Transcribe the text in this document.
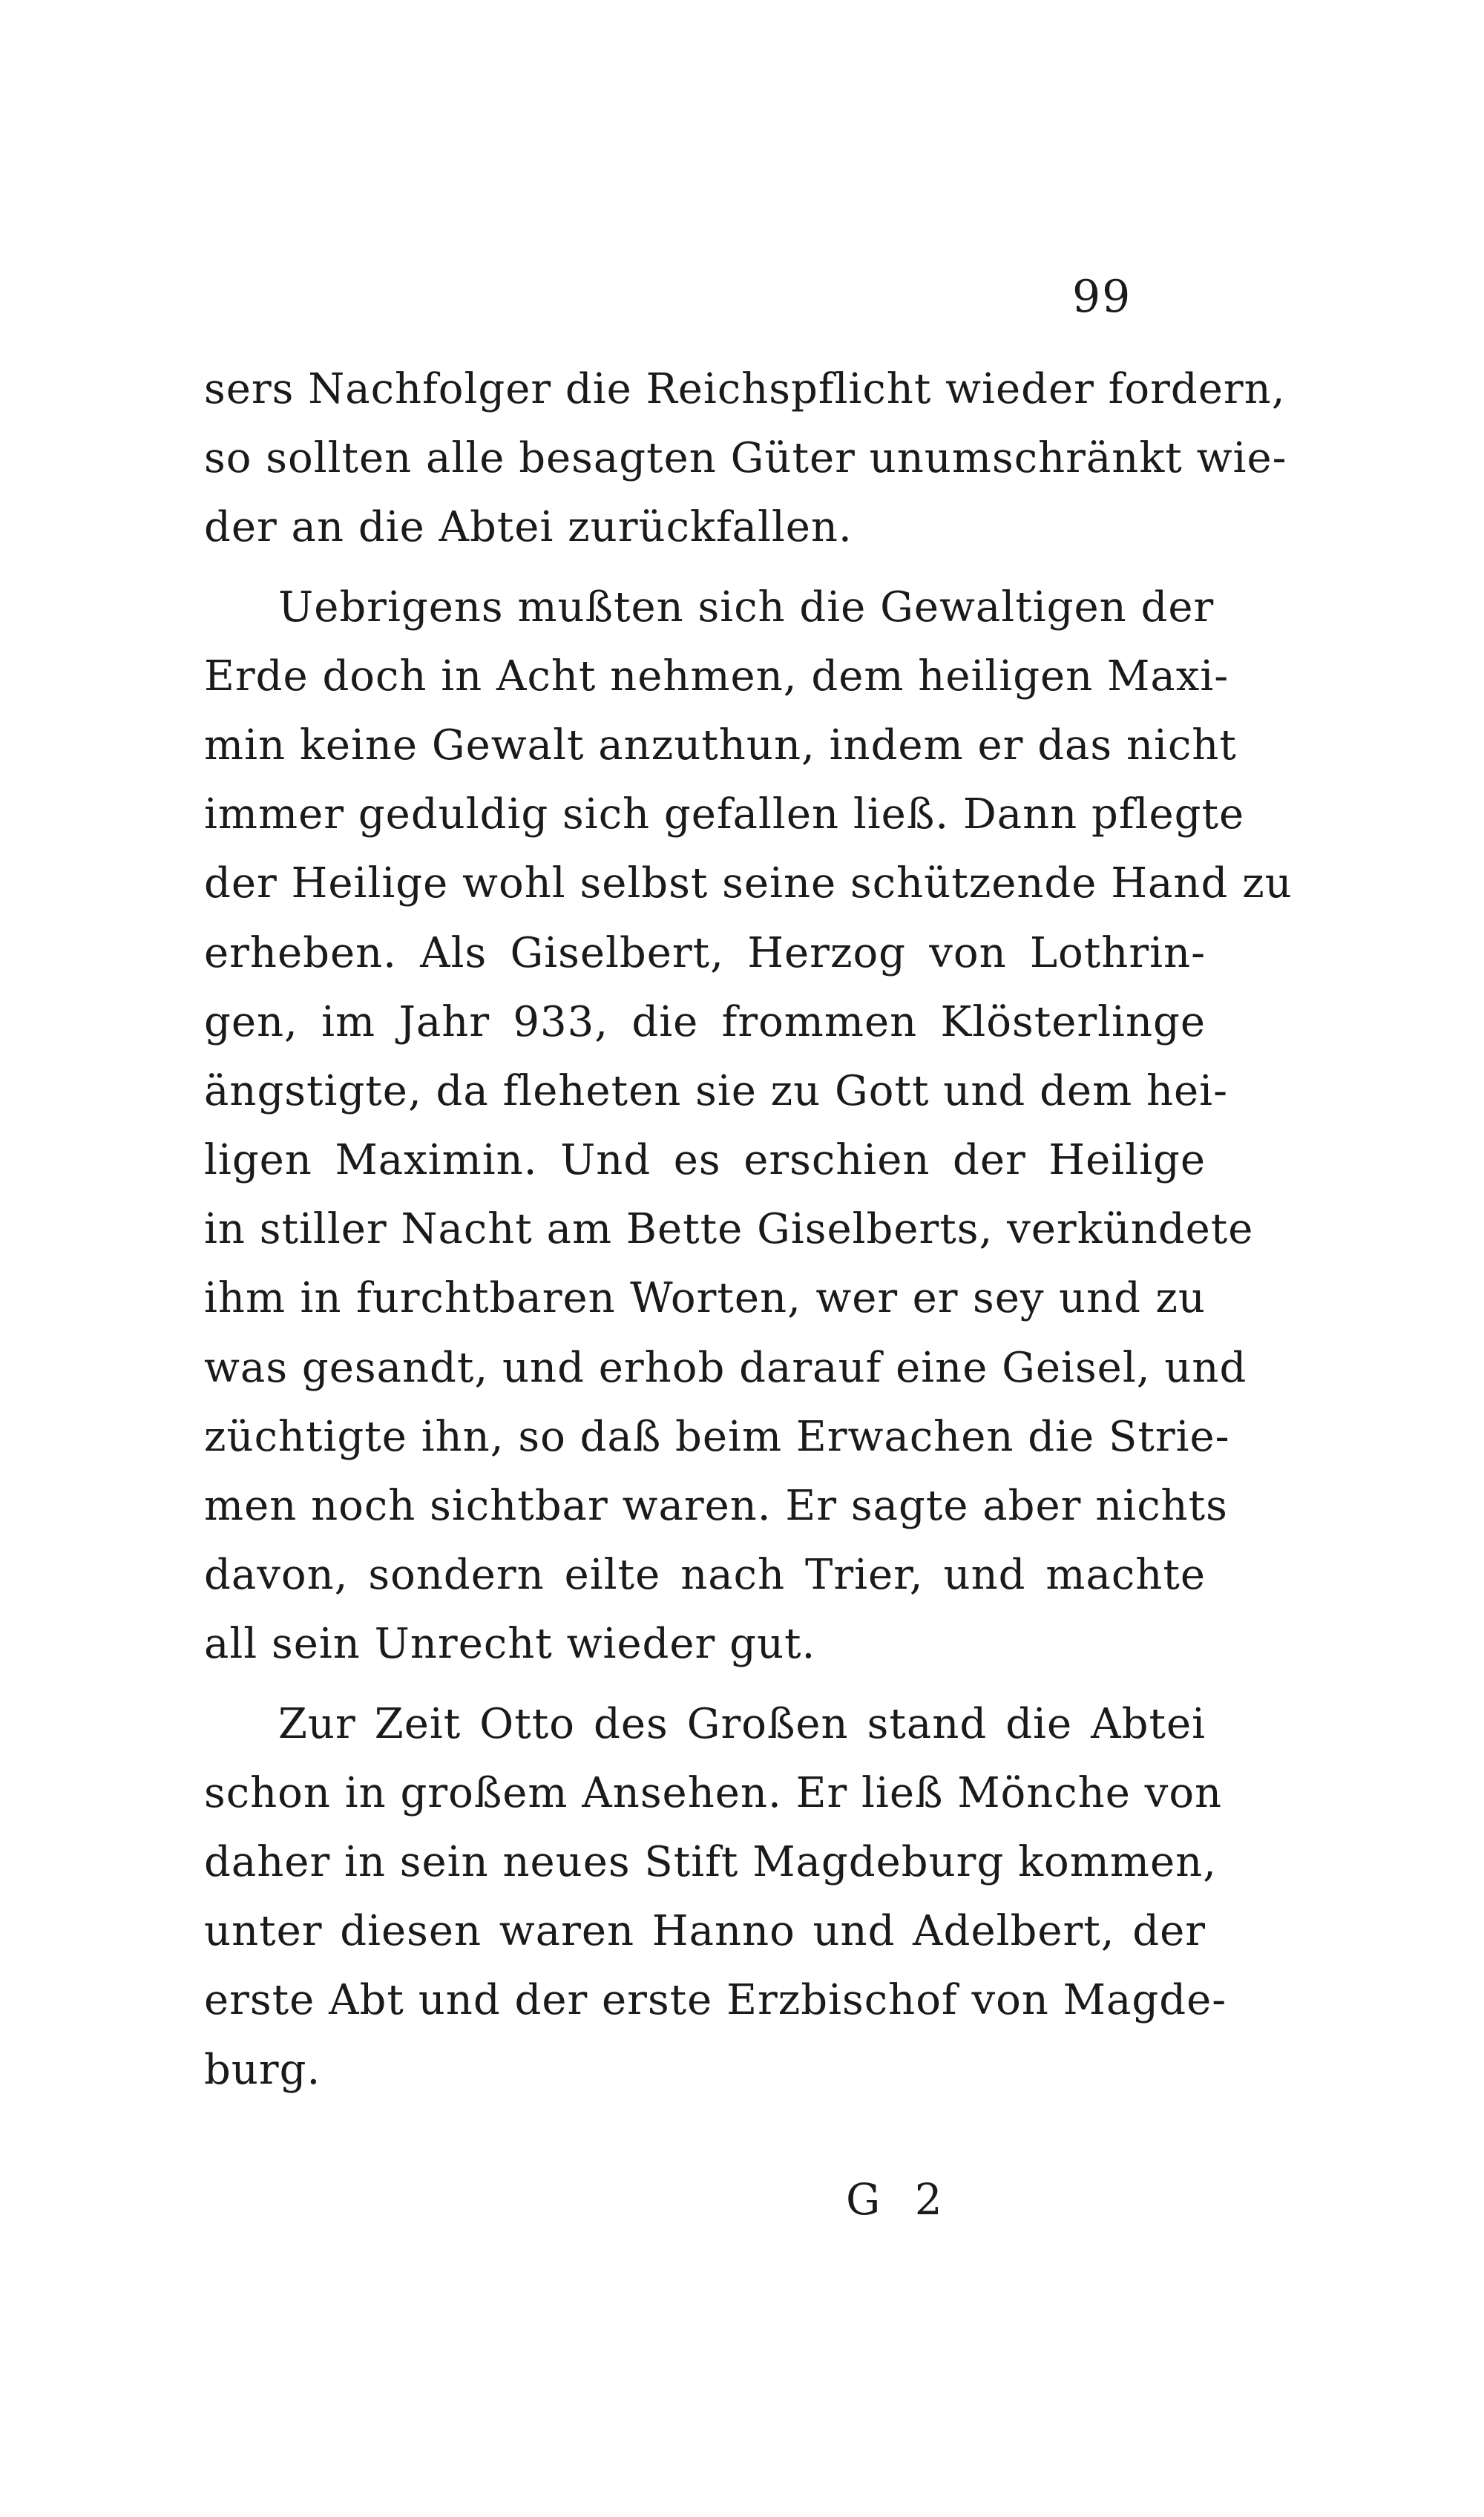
99
sers Nachfolger die Reichspflicht wieder fordern,
so sollten alle besagten Güter unumschränkt wie-
der an die Abtei zurückfallen.
Uebrigens mußten sich die Gewaltigen der
Erde doch in Acht nehmen, dem heiligen Maxi-
min keine Gewalt anzuthun, indem er das nicht
immer geduldig sich gefallen ließ. Dann pflegte
der Heilige wohl selbst seine schützende Hand zu
erheben. Als Giselbert, Herzog von Lothrin-
gen, im Jahr 933, die frommen Klösterlinge
ängstigte, da fleheten sie zu Gott und dem hei-
ligen Maximin. Und es erschien der Heilige
in stiller Nacht am Bette Giselberts, verkündete
ihm in furchtbaren Worten, wer er sey und zu
was gesandt, und erhob darauf eine Geisel, und
züchtigte ihn, so daß beim Erwachen die Strie-
men noch sichtbar waren. Er sagte aber nichts
davon, sondern eilte nach Trier, und machte
all sein Unrecht wieder gut.
Zur Zeit Otto des Großen stand die Abtei
schon in großem Ansehen. Er ließ Mönche von
daher in sein neues Stift Magdeburg kommen,
unter diesen waren Hanno und Adelbert, der
erste Abt und der erste Erzbischof von Magde-
burg.
G 2
